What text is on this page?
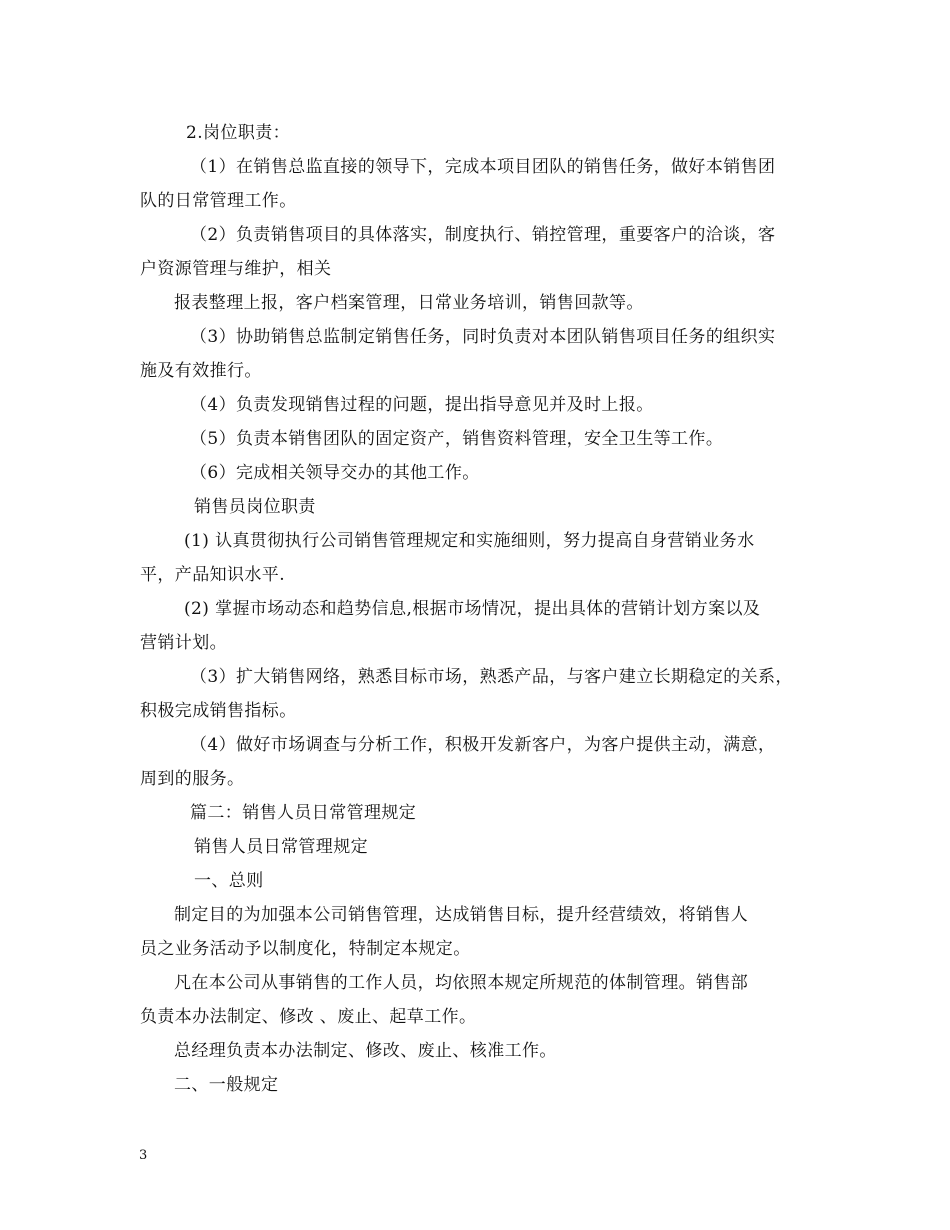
2.岗位职责：
（1）在销售总监直接的领导下，完成本项目团队的销售任务，做好本销售团
队的日常管理工作。
（2）负责销售项目的具体落实，制度执行、销控管理，重要客户的洽谈，客
户资源管理与维护，相关
报表整理上报，客户档案管理，日常业务培训，销售回款等。
（3）协助销售总监制定销售任务，同时负责对本团队销售项目任务的组织实
施及有效推行。
（4）负责发现销售过程的问题，提出指导意见并及时上报。
（5）负责本销售团队的固定资产，销售资料管理，安全卫生等工作。
（6）完成相关领导交办的其他工作。
销售员岗位职责
(1) 认真贯彻执行公司销售管理规定和实施细则，努力提高自身营销业务水
平，产品知识水平.
(2) 掌握市场动态和趋势信息,根据市场情况，提出具体的营销计划方案以及
营销计划。
（3）扩大销售网络，熟悉目标市场，熟悉产品，与客户建立长期稳定的关系，
积极完成销售指标。
（4）做好市场调查与分析工作，积极开发新客户，为客户提供主动，满意，
周到的服务。
篇二：销售人员日常管理规定
销售人员日常管理规定
一、总则
制定目的为加强本公司销售管理，达成销售目标，提升经营绩效，将销售人
员之业务活动予以制度化，特制定本规定。
凡在本公司从事销售的工作人员，均依照本规定所规范的体制管理。销售部
负责本办法制定、修改 、废止、起草工作。
总经理负责本办法制定、修改、废止、核准工作。
二、一般规定
3
